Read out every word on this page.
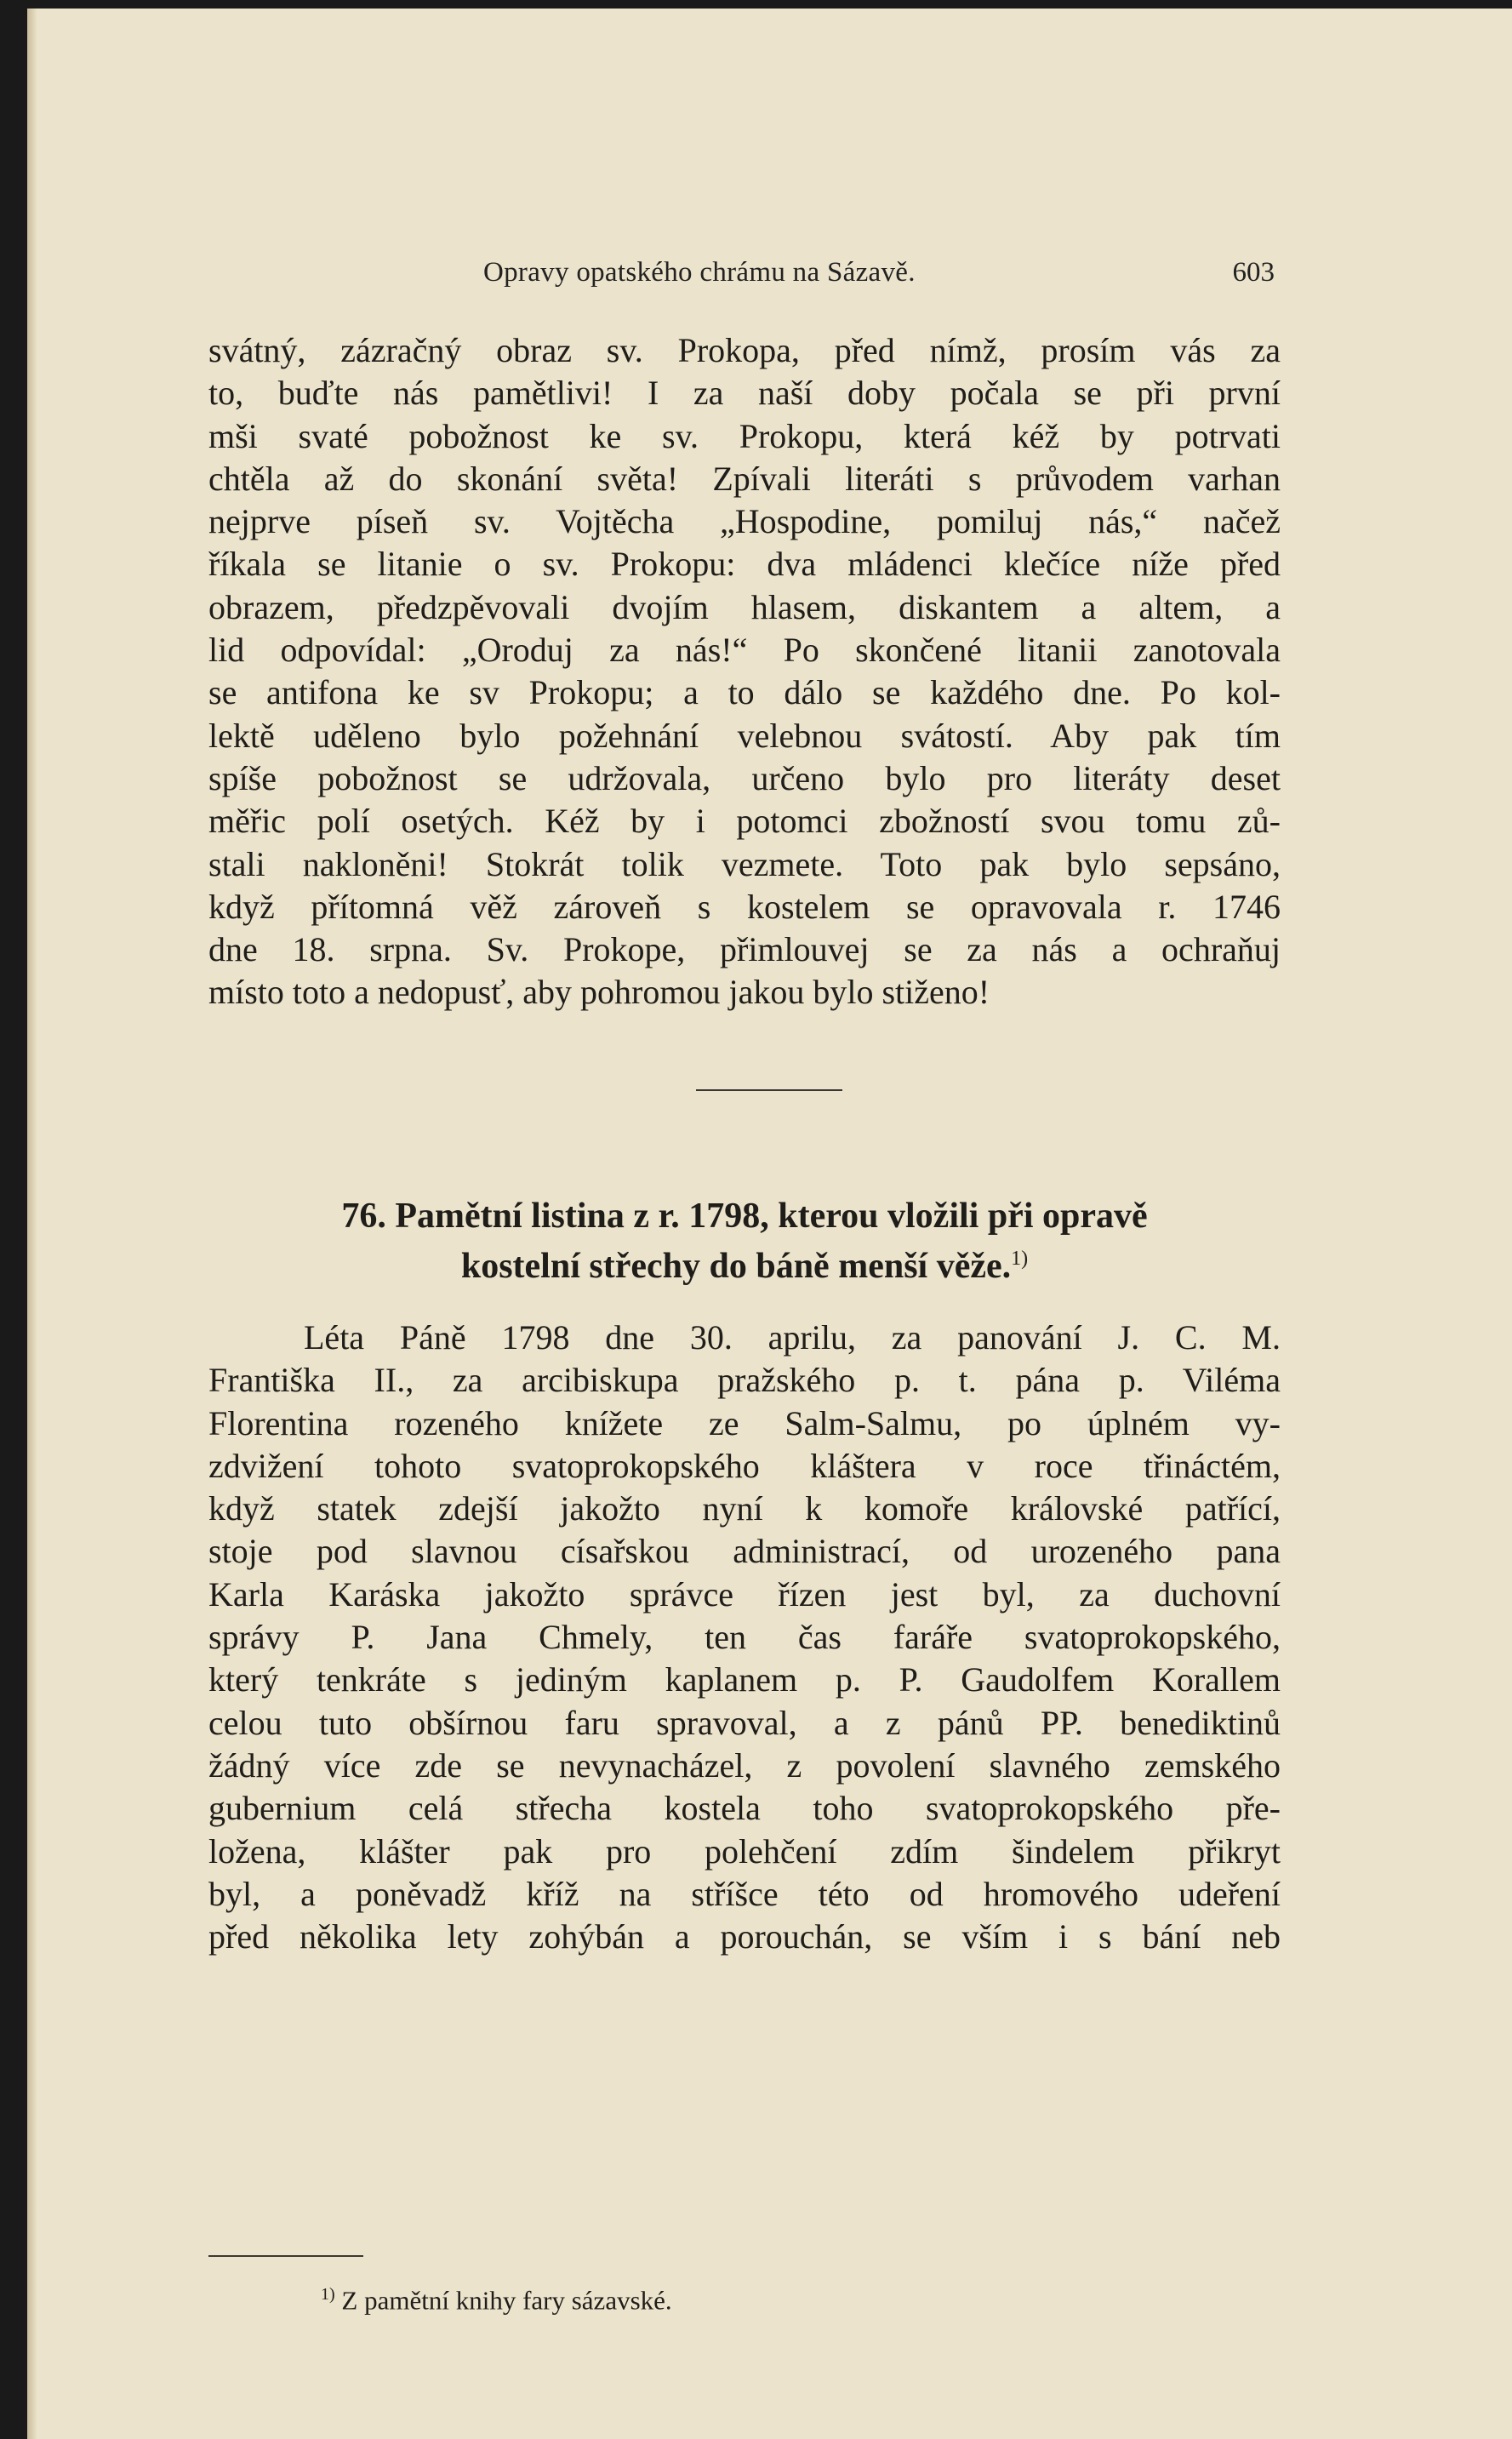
Opravy opatského chrámu na Sázavě.	603
svátný, zázračný obraz sv. Prokopa, před nímž, prosím vás za
to, buďte nás pamětlivi! I za naší doby počala se při první
mši svaté pobožnost ke sv. Prokopu, která kéž by potrvati
chtěla až do skonání světa! Zpívali literáti s průvodem varhan
nejprve píseň sv. Vojtěcha „Hospodine, pomiluj nás,“ načež
říkala se litanie o sv. Prokopu: dva mládenci klečíce níže před
obrazem, předzpěvovali dvojím hlasem, diskantem a altem, a
lid odpovídal: „Oroduj za nás!“ Po skončené litanii zanotovala
se antifona ke sv Prokopu; a to dálo se každého dne. Po kol-
lektě uděleno bylo požehnání velebnou svátostí. Aby pak tím
spíše pobožnost se udržovala, určeno bylo pro literáty deset
měřic polí osetých. Kéž by i potomci zbožností svou tomu zů-
stali nakloněni! Stokrát tolik vezmete. Toto pak bylo sepsáno,
když přítomná věž zároveň s kostelem se opravovala r. 1746
dne 18. srpna. Sv. Prokope, přimlouvej se za nás a ochraňuj
místo toto a nedopusť, aby pohromou jakou bylo stiženo!
76. Pamětní listina z r. 1798, kterou vložili při opravě
kostelní střechy do báně menší věže.$^{1)}$
Léta Páně 1798 dne 30. aprilu, za panování J. C. M.
Františka II., za arcibiskupa pražského p. t. pána p. Viléma
Florentina rozeného knížete ze Salm-Salmu, po úplném vy-
zdvižení tohoto svatoprokopského kláštera v roce třináctém,
když statek zdejší jakožto nyní k komoře královské patřící,
stoje pod slavnou císařskou administrací, od urozeného pana
Karla Karáska jakožto správce řízen jest byl, za duchovní
správy P. Jana Chmely, ten čas faráře svatoprokopského,
který tenkráte s jediným kaplanem p. P. Gaudolfem Korallem
celou tuto obšírnou faru spravoval, a z pánů PP. benediktinů
žádný více zde se nevynacházel, z povolení slavného zemského
gubernium celá střecha kostela toho svatoprokopského pře-
ložena, klášter pak pro polehčení zdím šindelem přikryt
byl, a poněvadž kříž na stříšce této od hromového udeření
před několika lety zohýbán a porouchán, se vším i s bání neb
$^{1)}$ Z pamětní knihy fary sázavské.
